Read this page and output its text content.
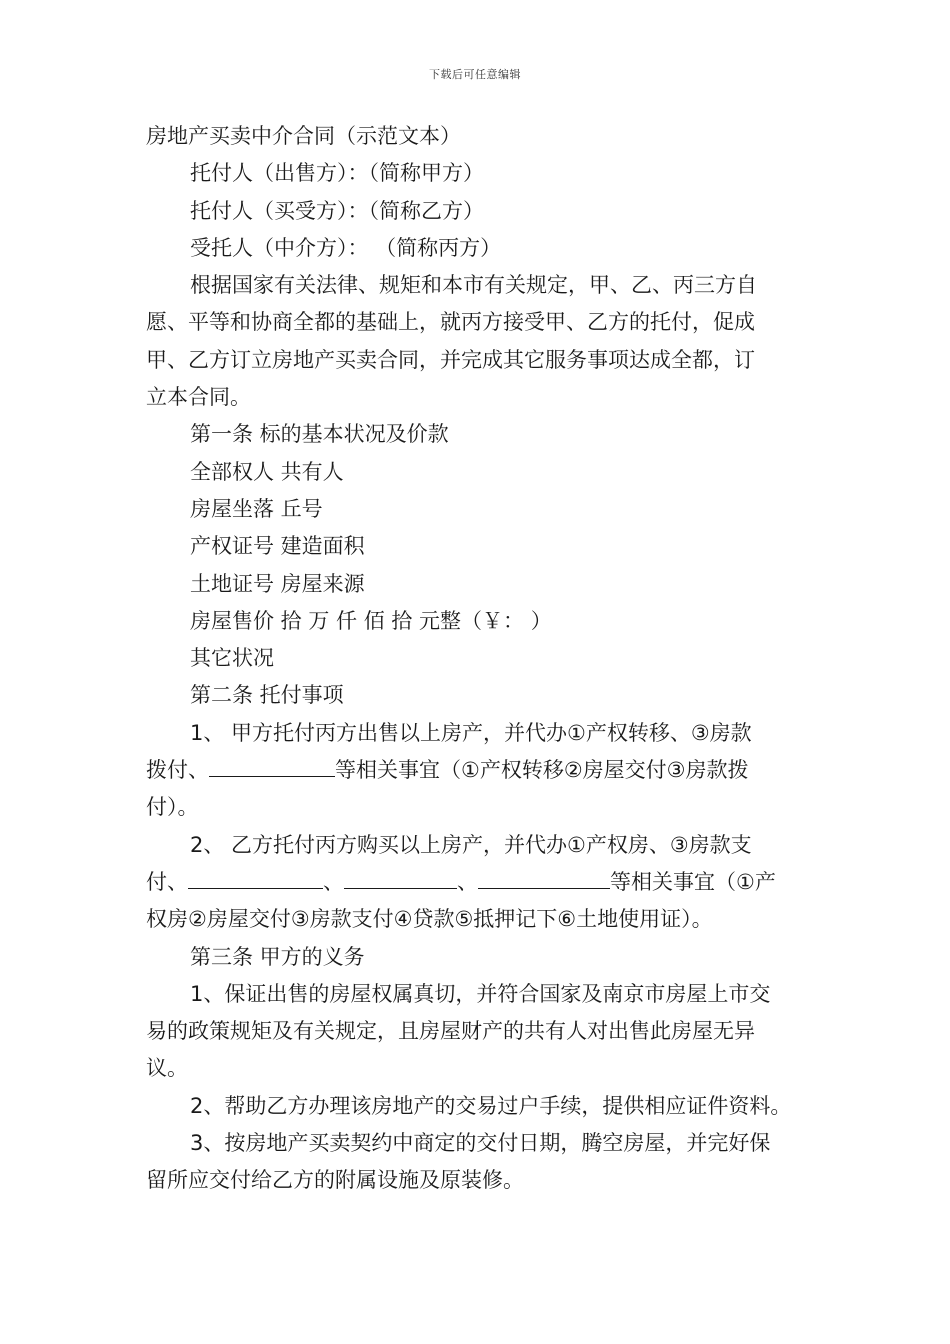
下载后可任意编辑
房地产买卖中介合同（示范文本）
托付人（出售方）：（简称甲方）
托付人（买受方）：（简称乙方）
受托人（中介方）： （简称丙方）
根据国家有关法律、规矩和本市有关规定，甲、乙、丙三方自
愿、平等和协商全都的基础上，就丙方接受甲、乙方的托付，促成
甲、乙方订立房地产买卖合同，并完成其它服务事项达成全都，订
立本合同。
第一条 标的基本状况及价款
全部权人 共有人
房屋坐落 丘号
产权证号 建造面积
土地证号 房屋来源
房屋售价 拾 万 仟 佰 拾 元整（￥： ）
其它状况
第二条 托付事项
1、 甲方托付丙方出售以上房产，并代办①产权转移、③房款
拨付、	等相关事宜（①产权转移②房屋交付③房款拨
付）。
2、 乙方托付丙方购买以上房产，并代办①产权房、③房款支
付、	、	、	等相关事宜（①产
权房②房屋交付③房款支付④贷款⑤抵押记下⑥土地使用证）。
第三条 甲方的义务
1、保证出售的房屋权属真切，并符合国家及南京市房屋上市交
易的政策规矩及有关规定，且房屋财产的共有人对出售此房屋无异
议。
2、帮助乙方办理该房地产的交易过户手续，提供相应证件资料。
3、按房地产买卖契约中商定的交付日期，腾空房屋，并完好保
留所应交付给乙方的附属设施及原装修。
